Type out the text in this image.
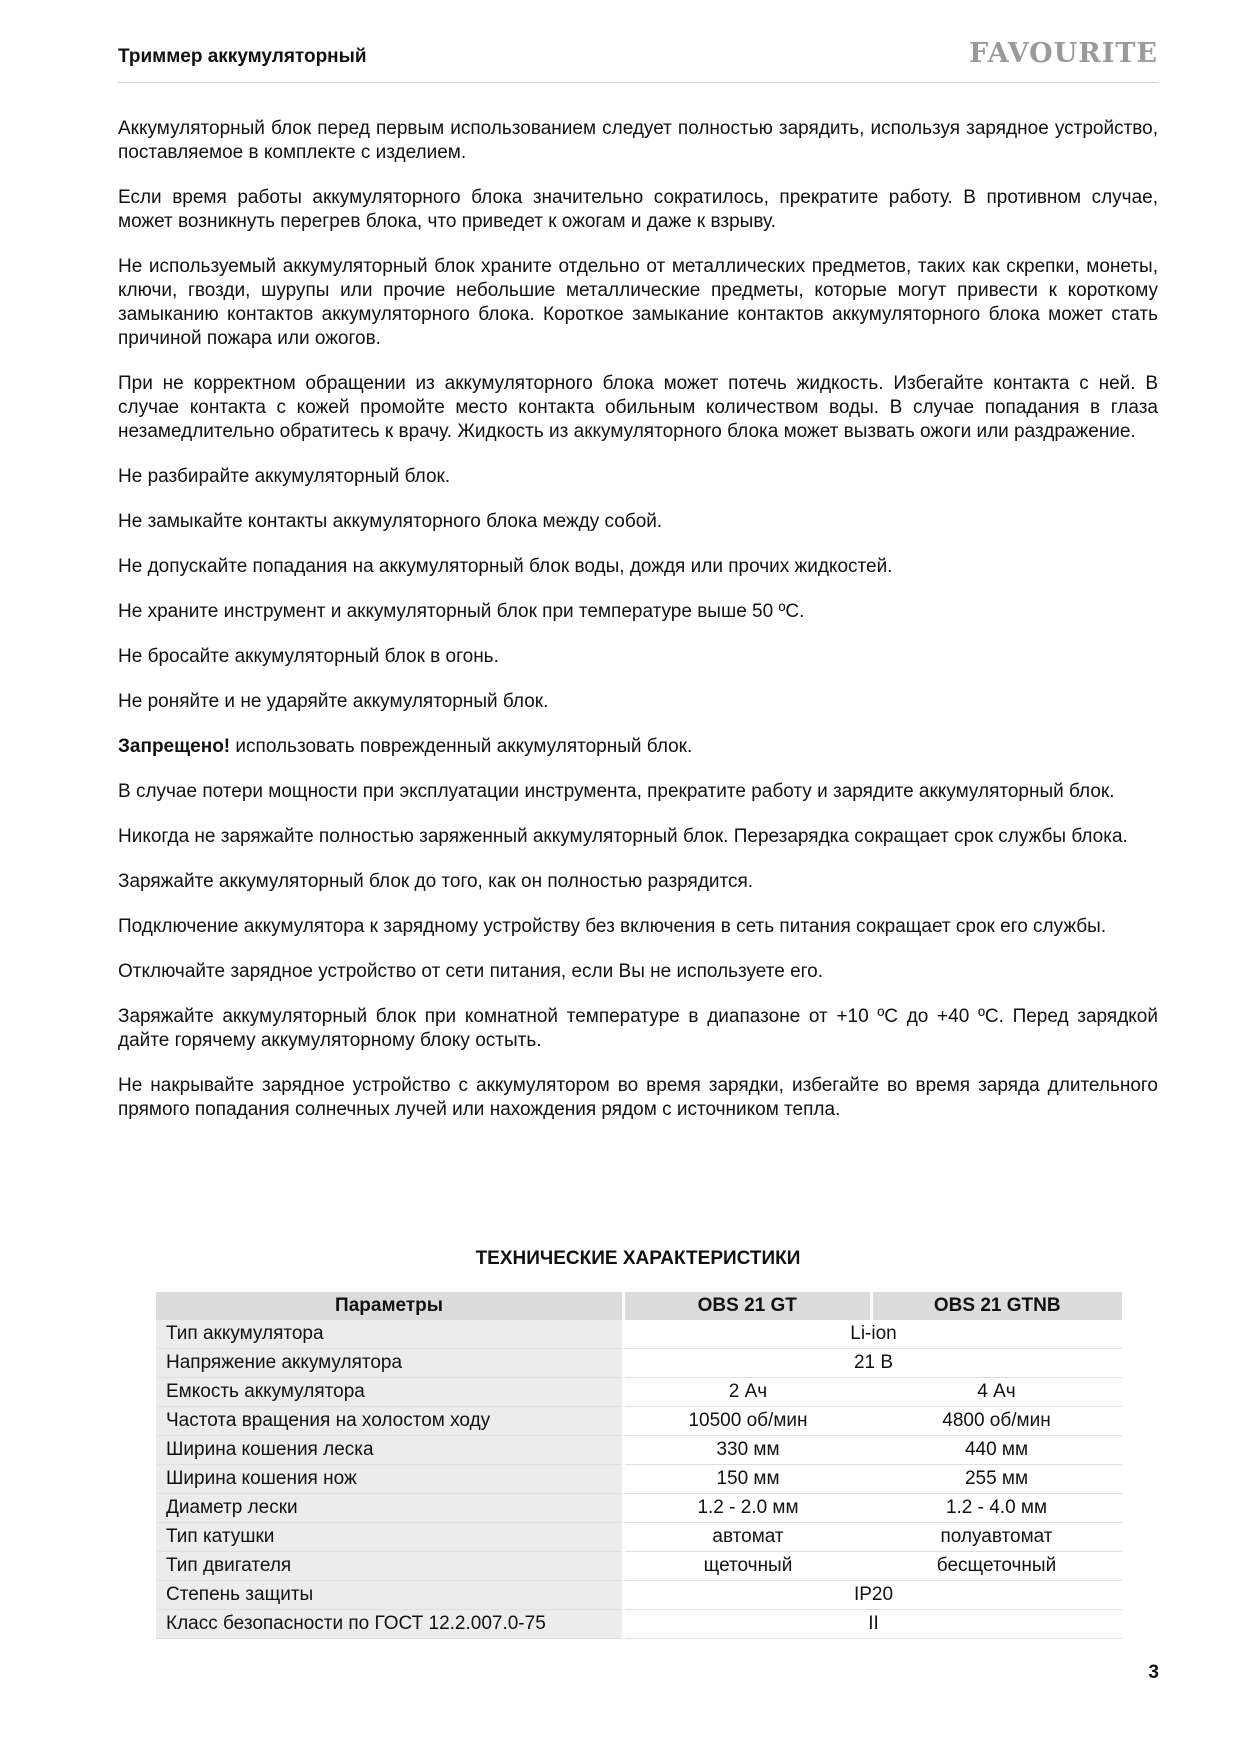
Триммер аккумуляторный	FAVOURITE

Аккумуляторный блок перед первым использованием следует полностью зарядить, используя зарядное устройство, поставляемое в комплекте с изделием.

Если время работы аккумуляторного блока значительно сократилось, прекратите работу. В противном случае, может возникнуть перегрев блока, что приведет к ожогам и даже к взрыву.

Не используемый аккумуляторный блок храните отдельно от металлических предметов, таких как скрепки, монеты, ключи, гвозди, шурупы или прочие небольшие металлические предметы, которые могут привести к короткому замыканию контактов аккумуляторного блока. Короткое замыкание контактов аккумуляторного блока может стать причиной пожара или ожогов.

При не корректном обращении из аккумуляторного блока может потечь жидкость. Избегайте контакта с ней. В случае контакта с кожей промойте место контакта обильным количеством воды. В случае попадания в глаза незамедлительно обратитесь к врачу. Жидкость из аккумуляторного блока может вызвать ожоги или раздражение.

Не разбирайте аккумуляторный блок.

Не замыкайте контакты аккумуляторного блока между собой.

Не допускайте попадания на аккумуляторный блок воды, дождя или прочих жидкостей.

Не храните инструмент и аккумуляторный блок при температуре выше 50 ºC.

Не бросайте аккумуляторный блок в огонь.

Не роняйте и не ударяйте аккумуляторный блок.

Запрещено! использовать поврежденный аккумуляторный блок.

В случае потери мощности при эксплуатации инструмента, прекратите работу и зарядите аккумуляторный блок.

Никогда не заряжайте полностью заряженный аккумуляторный блок. Перезарядка сокращает срок службы блока.

Заряжайте аккумуляторный блок до того, как он полностью разрядится.

Подключение аккумулятора к зарядному устройству без включения в сеть питания сокращает срок его службы.

Отключайте зарядное устройство от сети питания, если Вы не используете его.

Заряжайте аккумуляторный блок при комнатной температуре в диапазоне от +10 ºC до +40 ºC. Перед зарядкой дайте горячему аккумуляторному блоку остыть.

Не накрывайте зарядное устройство с аккумулятором во время зарядки, избегайте во время заряда длительного прямого попадания солнечных лучей или нахождения рядом с источником тепла.

ТЕХНИЧЕСКИЕ ХАРАКТЕРИСТИКИ
Параметры	OBS 21 GT	OBS 21 GTNB
Тип аккумулятора	Li-ion	
Напряжение аккумулятора	21 В	
Емкость аккумулятора	2 Ач	4 Ач
Частота вращения на холостом ходу	10500 об/мин	4800 об/мин
Ширина кошения леска	330 мм	440 мм
Ширина кошения нож	150 мм	255 мм
Диаметр лески	1.2 - 2.0 мм	1.2 - 4.0 мм
Тип катушки	автомат	полуавтомат
Тип двигателя	щеточный	бесщеточный
Степень защиты	IP20	
Класс безопасности по ГОСТ 12.2.007.0-75	II	
3
